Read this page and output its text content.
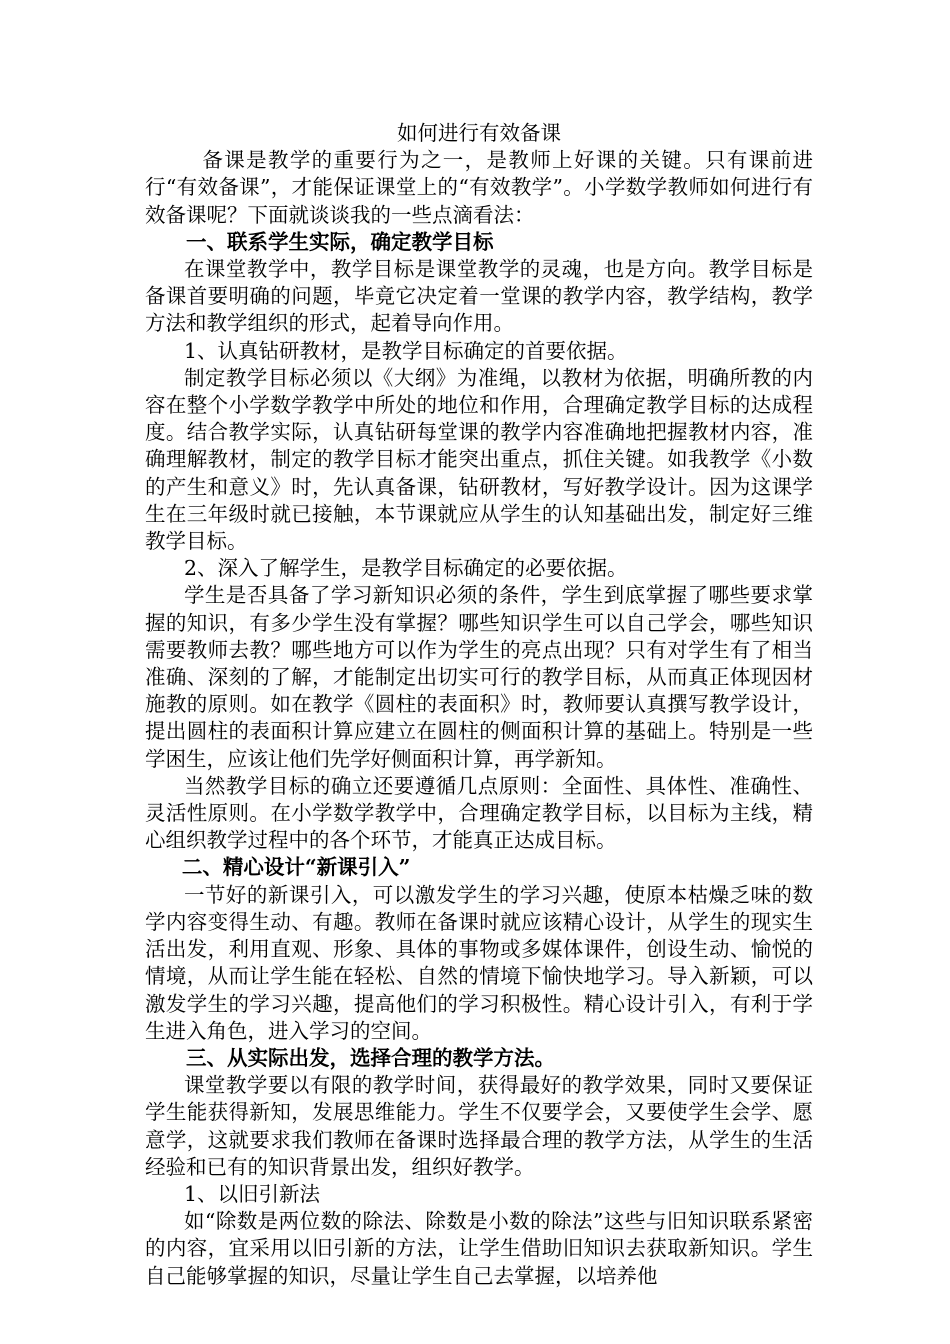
如何进行有效备课

备课是教学的重要行为之一，是教师上好课的关键。只有课前进行“有效备课”，才能保证课堂上的“有效教学”。小学数学教师如何进行有效备课呢？下面就谈谈我的一些点滴看法：

一、联系学生实际，确定教学目标

在课堂教学中，教学目标是课堂教学的灵魂，也是方向。教学目标是备课首要明确的问题，毕竟它决定着一堂课的教学内容，教学结构，教学方法和教学组织的形式，起着导向作用。

1、认真钻研教材，是教学目标确定的首要依据。

制定教学目标必须以《大纲》为准绳，以教材为依据，明确所教的内容在整个小学数学教学中所处的地位和作用，合理确定教学目标的达成程度。结合教学实际，认真钻研每堂课的教学内容准确地把握教材内容，准确理解教材，制定的教学目标才能突出重点，抓住关键。如我教学《小数的产生和意义》时，先认真备课，钻研教材，写好教学设计。因为这课学生在三年级时就已接触，本节课就应从学生的认知基础出发，制定好三维教学目标。

2、深入了解学生，是教学目标确定的必要依据。

学生是否具备了学习新知识必须的条件，学生到底掌握了哪些要求掌握的知识，有多少学生没有掌握？哪些知识学生可以自己学会，哪些知识需要教师去教？哪些地方可以作为学生的亮点出现？只有对学生有了相当准确、深刻的了解，才能制定出切实可行的教学目标，从而真正体现因材施教的原则。如在教学《圆柱的表面积》时，教师要认真撰写教学设计，提出圆柱的表面积计算应建立在圆柱的侧面积计算的基础上。特别是一些学困生，应该让他们先学好侧面积计算，再学新知。

当然教学目标的确立还要遵循几点原则：全面性、具体性、准确性、灵活性原则。在小学数学教学中，合理确定教学目标，以目标为主线，精心组织教学过程中的各个环节，才能真正达成目标。

二、精心设计“新课引入”

一节好的新课引入，可以激发学生的学习兴趣，使原本枯燥乏味的数学内容变得生动、有趣。教师在备课时就应该精心设计，从学生的现实生活出发，利用直观、形象、具体的事物或多媒体课件，创设生动、愉悦的情境，从而让学生能在轻松、自然的情境下愉快地学习。导入新颖，可以激发学生的学习兴趣，提高他们的学习积极性。精心设计引入，有利于学生进入角色，进入学习的空间。

三、从实际出发，选择合理的教学方法。

课堂教学要以有限的教学时间，获得最好的教学效果，同时又要保证学生能获得新知，发展思维能力。学生不仅要学会，又要使学生会学、愿意学，这就要求我们教师在备课时选择最合理的教学方法，从学生的生活经验和已有的知识背景出发，组织好教学。

1、以旧引新法

如“除数是两位数的除法、除数是小数的除法”这些与旧知识联系紧密的内容，宜采用以旧引新的方法，让学生借助旧知识去获取新知识。学生自己能够掌握的知识，尽量让学生自己去掌握，以培养他
